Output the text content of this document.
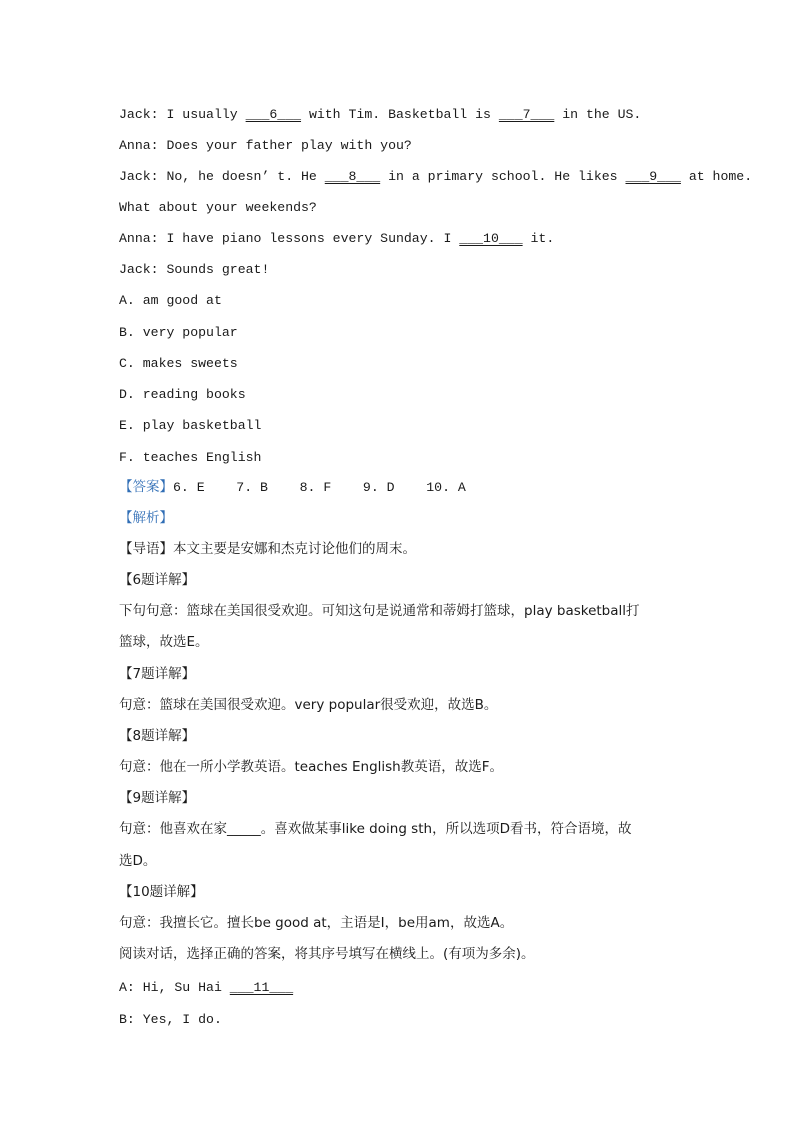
Jack: I usually ___6___ with Tim. Basketball is ___7___ in the US.
Anna: Does your father play with you?
Jack: No, he doesn’ t. He ___8___ in a primary school. He likes ___9___ at home.
What about your weekends?
Anna: I have piano lessons every Sunday. I ___10___ it.
Jack: Sounds great!
A. am good at
B. very popular
C. makes sweets
D. reading books
E. play basketball
F. teaches English
【答案】6. E    7. B    8. F    9. D    10. A
【解析】
【导语】本文主要是安娜和杰克讨论他们的周末。
【6题详解】
下句句意：篮球在美国很受欢迎。可知这句是说通常和蒂姆打篮球，play basketball打
篮球，故选E。
【7题详解】
句意：篮球在美国很受欢迎。very popular很受欢迎，故选B。
【8题详解】
句意：他在一所小学教英语。teaches English教英语，故选F。
【9题详解】
句意：他喜欢在家_____。喜欢做某事like doing sth，所以选项D看书，符合语境，故
选D。
【10题详解】
句意：我擅长它。擅长be good at，主语是I，be用am，故选A。
阅读对话，选择正确的答案，将其序号填写在横线上。(有项为多余)。
A: Hi, Su Hai ___11___
B: Yes, I do.
